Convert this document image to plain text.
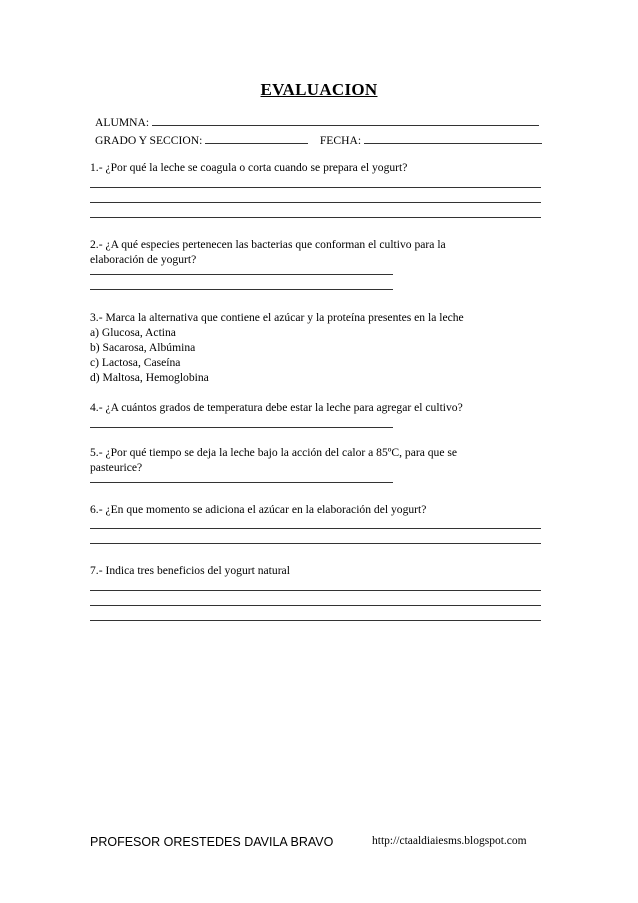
EVALUACION
ALUMNA:
GRADO Y SECCION:	FECHA:
1.- ¿Por qué la leche se coagula o corta cuando se prepara el yogurt?
2.- ¿A qué especies pertenecen las bacterias que conforman el cultivo para la
elaboración de yogurt?
3.- Marca la alternativa que contiene el azúcar y la proteína presentes en la leche
a) Glucosa, Actina
b) Sacarosa, Albúmina
c) Lactosa, Caseína
d) Maltosa, Hemoglobina
4.- ¿A cuántos grados de temperatura debe estar la leche para agregar el cultivo?
5.- ¿Por qué tiempo se deja la leche bajo la acción del calor a 85ºC, para que se
pasteurice?
6.- ¿En que momento se adiciona el azúcar en la elaboración del yogurt?
7.- Indica tres beneficios del yogurt natural
PROFESOR ORESTEDES DAVILA BRAVO	http://ctaaldiaiesms.blogspot.com
